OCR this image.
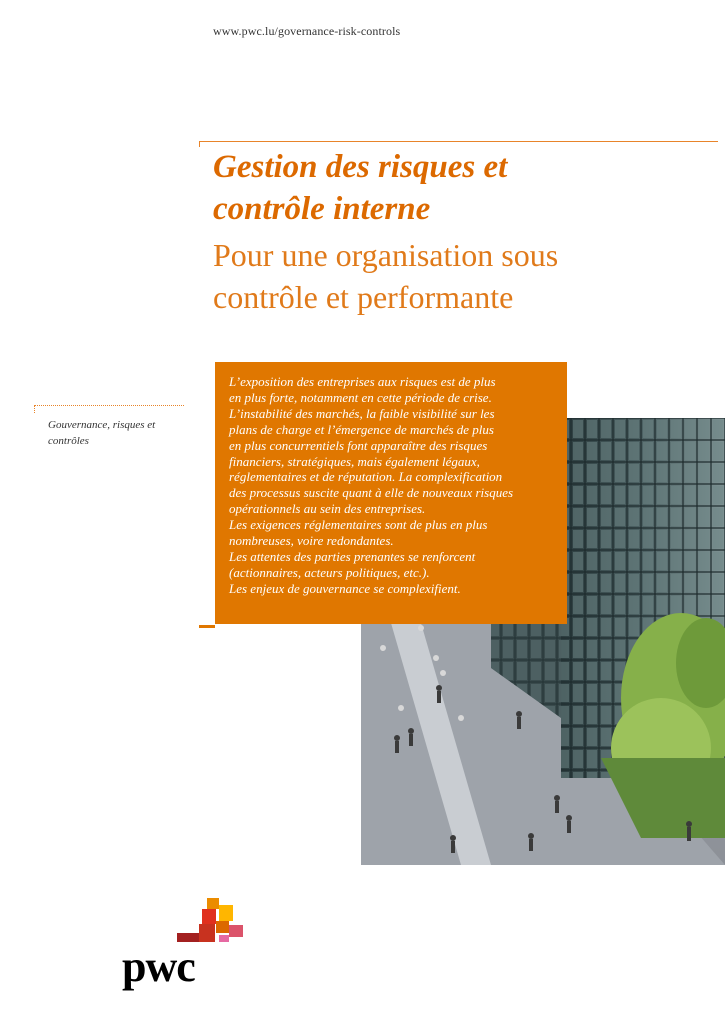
www.pwc.lu/governance-risk-controls
Gestion des risques et
contrôle interne
Pour une organisation sous
contrôle et performante
Gouvernance, risques et contrôles
L’exposition des entreprises aux risques est de plus
en plus forte, notamment en cette période de crise.
L’instabilité des marchés, la faible visibilité sur les
plans de charge et l’émergence de marchés de plus
en plus concurrentiels font apparaître des risques
financiers, stratégiques, mais également légaux,
réglementaires et de réputation. La complexification
des processus suscite quant à elle de nouveaux risques
opérationnels au sein des entreprises.
Les exigences réglementaires sont de plus en plus
nombreuses, voire redondantes.
Les attentes des parties prenantes se renforcent
(actionnaires, acteurs politiques, etc.).
Les enjeux de gouvernance se complexifient.
pwc
